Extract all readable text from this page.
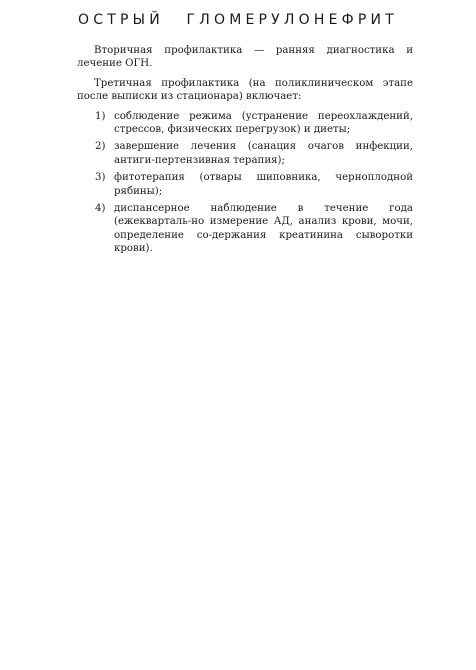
ОСТРЫЙ ГЛОМЕРУЛОНЕФРИТ

Вторичная профилактика — ранняя диагностика и лечение ОГН.

Третичная профилактика (на поликлиническом этапе после выписки из стационара) включает:

1) соблюдение режима (устранение переохлаждений, стрессов, физических перегрузок) и диеты;
2) завершение лечения (санация очагов инфекции, антиги-пертензивная терапия);
3) фитотерапия (отвары шиповника, черноплодной рябины);
4) диспансерное наблюдение в течение года (ежекварталь-но измерение АД, анализ крови, мочи, определение со-держания креатинина сыворотки крови).
